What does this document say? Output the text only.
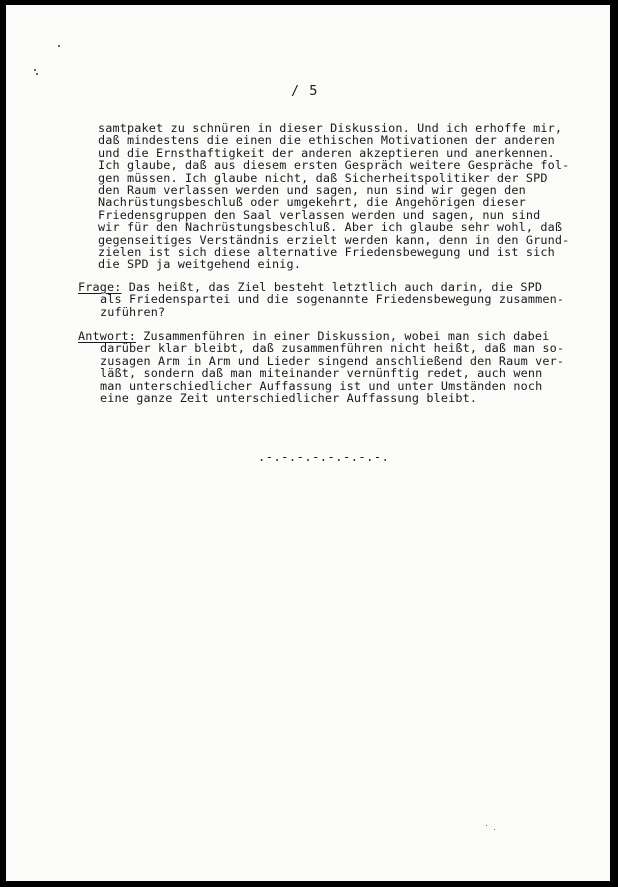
/ 5
samtpaket zu schnüren in dieser Diskussion. Und ich erhoffe mir,
daß mindestens die einen die ethischen Motivationen der anderen
und die Ernsthaftigkeit der anderen akzeptieren und anerkennen.
Ich glaube, daß aus diesem ersten Gespräch weitere Gespräche fol-
gen müssen. Ich glaube nicht, daß Sicherheitspolitiker der SPD
den Raum verlassen werden und sagen, nun sind wir gegen den
Nachrüstungsbeschluß oder umgekehrt, die Angehörigen dieser
Friedensgruppen den Saal verlassen werden und sagen, nun sind
wir für den Nachrüstungsbeschluß. Aber ich glaube sehr wohl, daß
gegenseitiges Verständnis erzielt werden kann, denn in den Grund-
zielen ist sich diese alternative Friedensbewegung und ist sich
die SPD ja weitgehend einig.
Frage: Das heißt, das Ziel besteht letztlich auch darin, die SPD
als Friedenspartei und die sogenannte Friedensbewegung zusammen-
zuführen?
Antwort: Zusammenführen in einer Diskussion, wobei man sich dabei
darüber klar bleibt, daß zusammenführen nicht heißt, daß man so-
zusagen Arm in Arm und Lieder singend anschließend den Raum ver-
läßt, sondern daß man miteinander vernünftig redet, auch wenn
man unterschiedlicher Auffassung ist und unter Umständen noch
eine ganze Zeit unterschiedlicher Auffassung bleibt.
.-.-.-.-.-.-.-.-.
